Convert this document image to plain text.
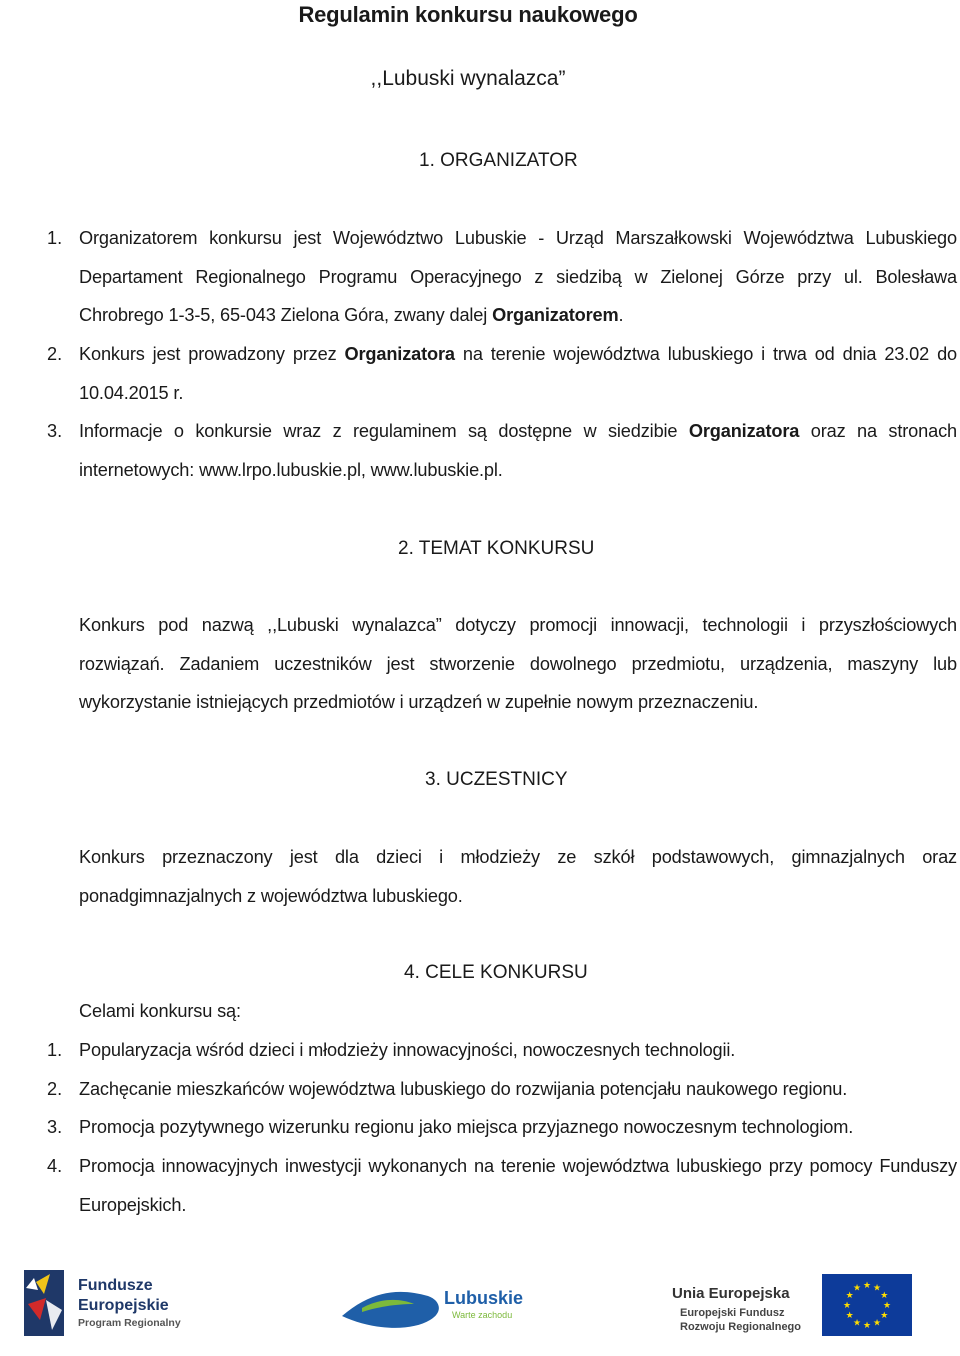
Regulamin konkursu naukowego
,,Lubuski wynalazca”
1. ORGANIZATOR
1. Organizatorem konkursu jest Województwo Lubuskie - Urząd Marszałkowski Województwa Lubuskiego Departament Regionalnego Programu Operacyjnego z siedzibą w Zielonej Górze przy ul. Bolesława Chrobrego 1-3-5, 65-043 Zielona Góra, zwany dalej Organizatorem.
2. Konkurs jest prowadzony przez Organizatora na terenie województwa lubuskiego i trwa od dnia 23.02 do 10.04.2015 r.
3. Informacje o konkursie wraz z regulaminem są dostępne w siedzibie Organizatora oraz na stronach internetowych: www.lrpo.lubuskie.pl, www.lubuskie.pl.
2. TEMAT KONKURSU
Konkurs pod nazwą ,,Lubuski wynalazca” dotyczy promocji innowacji, technologii i przyszłościowych rozwiązań. Zadaniem uczestników jest stworzenie dowolnego przedmiotu, urządzenia, maszyny lub wykorzystanie istniejących przedmiotów i urządzeń w zupełnie nowym przeznaczeniu.
3. UCZESTNICY
Konkurs przeznaczony jest dla dzieci i młodzieży ze szkół podstawowych, gimnazjalnych oraz ponadgimnazjalnych z województwa lubuskiego.
4. CELE KONKURSU
Celami konkursu są:
1. Popularyzacja wśród dzieci i młodzieży innowacyjności, nowoczesnych technologii.
2. Zachęcanie mieszkańców województwa lubuskiego do rozwijania potencjału naukowego regionu.
3. Promocja pozytywnego wizerunku regionu jako miejsca przyjaznego nowoczesnym technologiom.
4. Promocja innowacyjnych inwestycji wykonanych na terenie województwa lubuskiego przy pomocy Funduszy Europejskich.
Fundusze
Europejskie
Program Regionalny
Lubuskie
Warte zachodu
Unia Europejska
Europejski Fundusz
Rozwoju Regionalnego
★ ★
★
★
★
★
★
★
★
★
★
★
